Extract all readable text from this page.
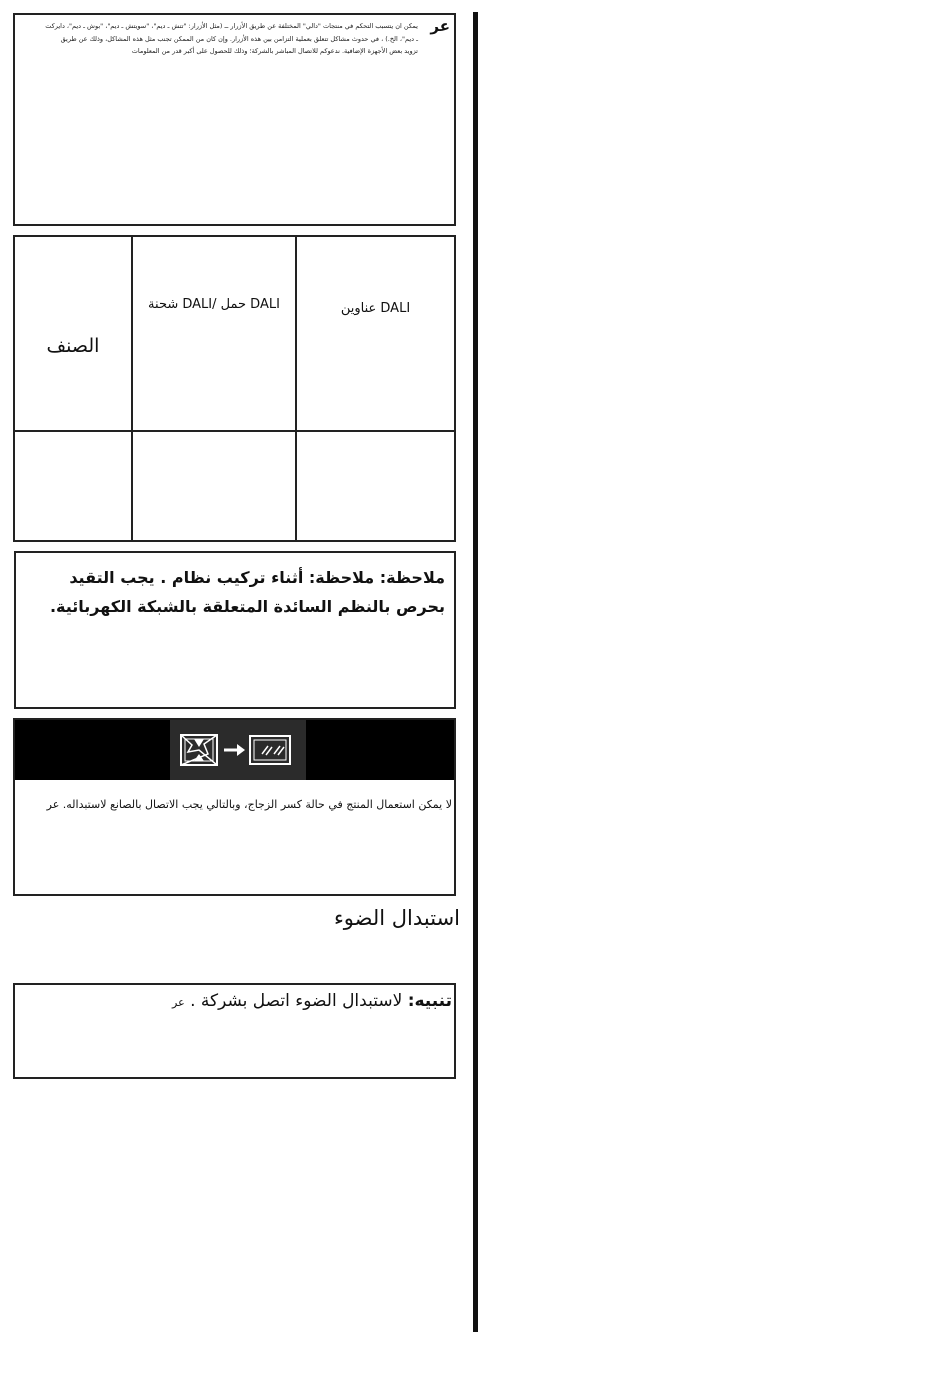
عر
يمكن ان يتسبب التحكم في منتجات "دالي" المختلفة عن طريق الأزرار ــ (مثل الأزرار: "تتش ـ ديم"، "سويتش ـ ديم"، "بوش ـ ديم"، دايركت ـ ديم"، الخ.) ، في حدوث مشاكل تتعلق بعملية التزامن بين هذه الأزرار. وإن كان من الممكن تجنب مثل هذه المشاكل، وذلك عن طريق تزويد بعض الأجهزة الإضافية. ندعوكم للاتصال المباشر بالشركة؛ وذلك للحصول على أكبر قدر من المعلومات
الصنف
شحنة DALI/ حمل DALI	عناوين DALI
ملاحظة: ملاحظة: أثناء تركيب نظام . يجب التقيد
بحرص بالنظم السائدة المتعلقة بالشبكة الكهربائية.
لا يمكن استعمال المنتج في حالة كسر الزجاج، وبالتالي يجب الاتصال بالصانع لاستبداله. عر
استبدال الضوء
تنبيه: لاستبدال الضوء اتصل بشركة . عر
